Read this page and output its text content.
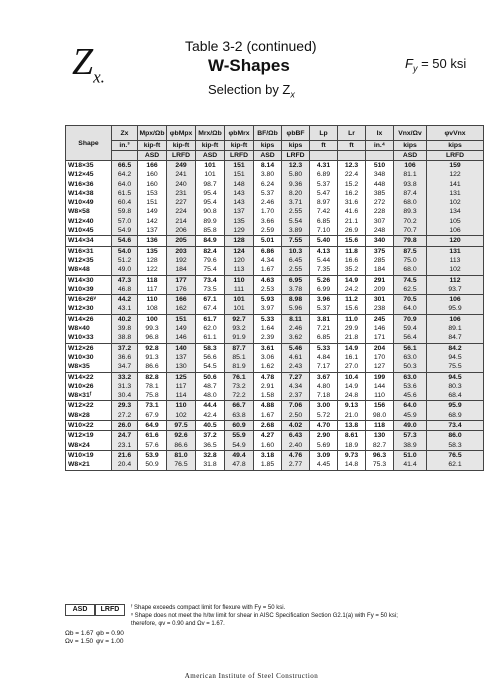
$Z_{x.}$
Table 3-2 (continued)
W-Shapes
Selection by $Z_x$
$F_y = 50$ ksi
Shape	Zx	Mpx/Ωb	φbMpx	Mrx/Ωb	φbMrx	BF/Ωb	φbBF	Lp	Lr	Ix	Vnx/Ωv	φvVnx
	in.³	kip-ft	kip-ft	kip-ft	kip-ft	kips	kips	ft	ft	in.⁴	kips	kips
		ASD	LRFD	ASD	LRFD	ASD	LRFD				ASD	LRFD
W18×35	66.5	166	249	101	151	8.14	12.3	4.31	12.3	510	106	159
W12×45	64.2	160	241	101	151	3.80	5.80	6.89	22.4	348	81.1	122
W16×36	64.0	160	240	98.7	148	6.24	9.36	5.37	15.2	448	93.8	141
W14×38	61.5	153	231	95.4	143	5.37	8.20	5.47	16.2	385	87.4	131
W10×49	60.4	151	227	95.4	143	2.46	3.71	8.97	31.6	272	68.0	102
W8×58	59.8	149	224	90.8	137	1.70	2.55	7.42	41.6	228	89.3	134
W12×40	57.0	142	214	89.9	135	3.66	5.54	6.85	21.1	307	70.2	105
W10×45	54.9	137	206	85.8	129	2.59	3.89	7.10	26.9	248	70.7	106
W14×34	54.6	136	205	84.9	128	5.01	7.55	5.40	15.6	340	79.8	120
W16×31	54.0	135	203	82.4	124	6.86	10.3	4.13	11.8	375	87.5	131
W12×35	51.2	128	192	79.6	120	4.34	6.45	5.44	16.6	285	75.0	113
W8×48	49.0	122	184	75.4	113	1.67	2.55	7.35	35.2	184	68.0	102
W14×30	47.3	118	177	73.4	110	4.63	6.95	5.26	14.9	291	74.5	112
W10×39	46.8	117	176	73.5	111	2.53	3.78	6.99	24.2	209	62.5	93.7
W16×26ᵛ	44.2	110	166	67.1	101	5.93	8.98	3.96	11.2	301	70.5	106
W12×30	43.1	108	162	67.4	101	3.97	5.96	5.37	15.6	238	64.0	95.9
W14×26	40.2	100	151	61.7	92.7	5.33	8.11	3.81	11.0	245	70.9	106
W8×40	39.8	99.3	149	62.0	93.2	1.64	2.46	7.21	29.9	146	59.4	89.1
W10×33	38.8	96.8	146	61.1	91.9	2.39	3.62	6.85	21.8	171	56.4	84.7
W12×26	37.2	92.8	140	58.3	87.7	3.61	5.46	5.33	14.9	204	56.1	84.2
W10×30	36.6	91.3	137	56.6	85.1	3.06	4.61	4.84	16.1	170	63.0	94.5
W8×35	34.7	86.6	130	54.5	81.9	1.62	2.43	7.17	27.0	127	50.3	75.5
W14×22	33.2	82.8	125	50.6	76.1	4.78	7.27	3.67	10.4	199	63.0	94.5
W10×26	31.3	78.1	117	48.7	73.2	2.91	4.34	4.80	14.9	144	53.6	80.3
W8×31ᶠ	30.4	75.8	114	48.0	72.2	1.58	2.37	7.18	24.8	110	45.6	68.4
W12×22	29.3	73.1	110	44.4	66.7	4.88	7.06	3.00	9.13	156	64.0	95.9
W8×28	27.2	67.9	102	42.4	63.8	1.67	2.50	5.72	21.0	98.0	45.9	68.9
W10×22	26.0	64.9	97.5	40.5	60.9	2.68	4.02	4.70	13.8	118	49.0	73.4
W12×19	24.7	61.6	92.6	37.2	55.9	4.27	6.43	2.90	8.61	130	57.3	86.0
W8×24	23.1	57.6	86.6	36.5	54.9	1.60	2.40	5.69	18.9	82.7	38.9	58.3
W10×19	21.6	53.9	81.0	32.8	49.4	3.18	4.76	3.09	9.73	96.3	51.0	76.5
W8×21	20.4	50.9	76.5	31.8	47.8	1.85	2.77	4.45	14.8	75.3	41.4	62.1
ASD	LRFD	ᶠ Shape exceeds compact limit for flexure with Fy = 50 ksi.
ᵛ Shape does not meet the h/tw limit for shear in AISC Specification Section G2.1(a) with Fy = 50 ksi;
therefore, φv = 0.90 and Ωv = 1.67.
Ωb = 1.67
Ωv = 1.50
φb = 0.90
φv = 1.00
American Institute of Steel Construction
